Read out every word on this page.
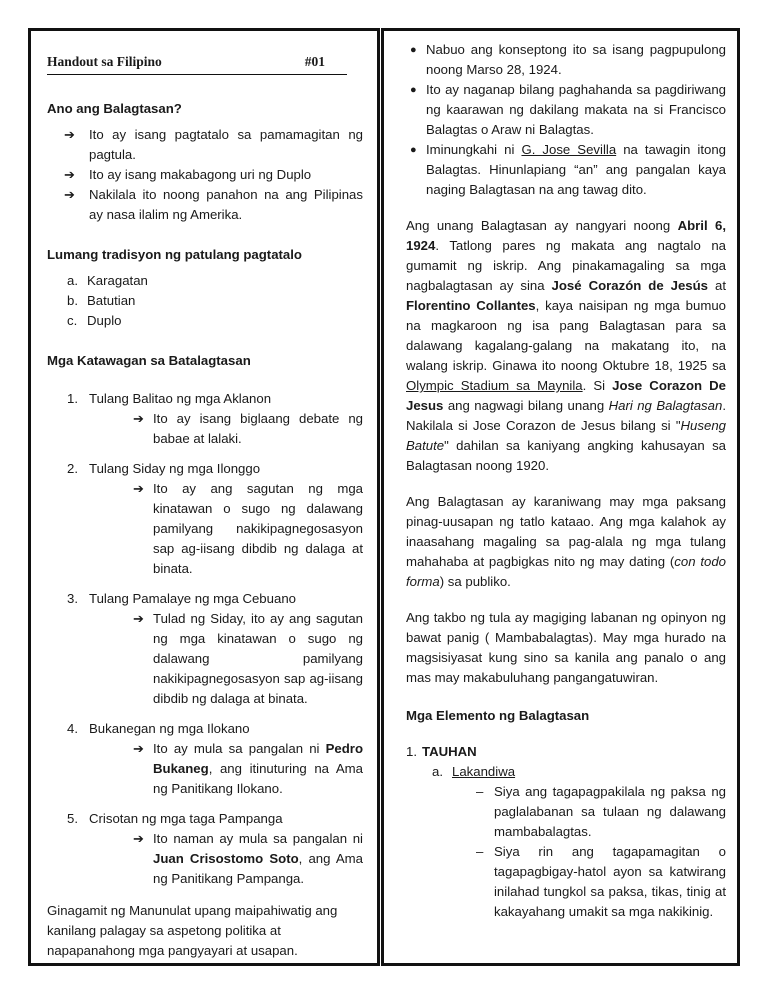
Handout sa Filipino	#01

Ano ang Balagtasan?

➔ Ito ay isang pagtatalo sa pamamagitan ng pagtula.
➔ Ito ay isang makabagong uri ng Duplo
➔ Nakilala ito noong panahon na ang Pilipinas ay nasa ilalim ng Amerika.

Lumang tradisyon ng patulang pagtatalo

a. Karagatan
b. Batutian
c. Duplo

Mga Katawagan sa Batalagtasan

1. Tulang Balitao ng mga Aklanon
➔ Ito ay isang biglaang debate ng babae at lalaki.
2. Tulang Siday ng mga Ilonggo
➔ Ito ay ang sagutan ng mga kinatawan o sugo ng dalawang pamilyang nakikipagnegosasyon sap ag-iisang dibdib ng dalaga at binata.
3. Tulang Pamalaye ng mga Cebuano
➔ Tulad ng Siday, ito ay ang sagutan ng mga kinatawan o sugo ng dalawang pamilyang nakikipagnegosasyon sap ag-iisang dibdib ng dalaga at binata.
4. Bukanegan ng mga Ilokano
➔ Ito ay mula sa pangalan ni Pedro Bukaneg, ang itinuturing na Ama ng Panitikang Ilokano.
5. Crisotan ng mga taga Pampanga
➔ Ito naman ay mula sa pangalan ni Juan Crisostomo Soto, ang Ama ng Panitikang Pampanga.

Ginagamit ng Manunulat upang maipahiwatig ang kanilang palagay sa aspetong politika at napapanahong mga pangyayari at usapan.

● Nabuo ang konseptong ito sa isang pagpupulong noong Marso 28, 1924.
● Ito ay naganap bilang paghahanda sa pagdiriwang ng kaarawan ng dakilang makata na si Francisco Balagtas o Araw ni Balagtas.
● Iminungkahi ni G. Jose Sevilla na tawagin itong Balagtas. Hinunlapiang “an” ang pangalan kaya naging Balagtasan na ang tawag dito.

Ang unang Balagtasan ay nangyari noong Abril 6, 1924. Tatlong pares ng makata ang nagtalo na gumamit ng iskrip. Ang pinakamagaling sa mga nagbalagtasan ay sina José Corazón de Jesús at Florentino Collantes, kaya naisipan ng mga bumuo na magkaroon ng isa pang Balagtasan para sa dalawang kagalang-galang na makatang ito, na walang iskrip. Ginawa ito noong Oktubre 18, 1925 sa Olympic Stadium sa Maynila. Si Jose Corazon De Jesus ang nagwagi bilang unang Hari ng Balagtasan. Nakilala si Jose Corazon de Jesus bilang si "Huseng Batute" dahilan sa kaniyang angking kahusayan sa Balagtasan noong 1920.

Ang Balagtasan ay karaniwang may mga paksang pinag-uusapan ng tatlo kataao. Ang mga kalahok ay inaasahang magaling sa pag-alala ng mga tulang mahahaba at pagbigkas nito ng may dating (con todo forma) sa publiko.

Ang takbo ng tula ay magiging labanan ng opinyon ng bawat panig ( Mambabalagtas). May mga hurado na magsisiyasat kung sino sa kanila ang panalo o ang mas may makabuluhang pangangatuwiran.

Mga Elemento ng Balagtasan

1. TAUHAN
a. Lakandiwa
– Siya ang tagapagpakilala ng paksa ng paglalabanan sa tulaan ng dalawang mambabalagtas.
– Siya rin ang tagapamagitan o tagapagbigay-hatol ayon sa katwirang inilahad tungkol sa paksa, tikas, tinig at kakayahang umakit sa mga nakikinig.
